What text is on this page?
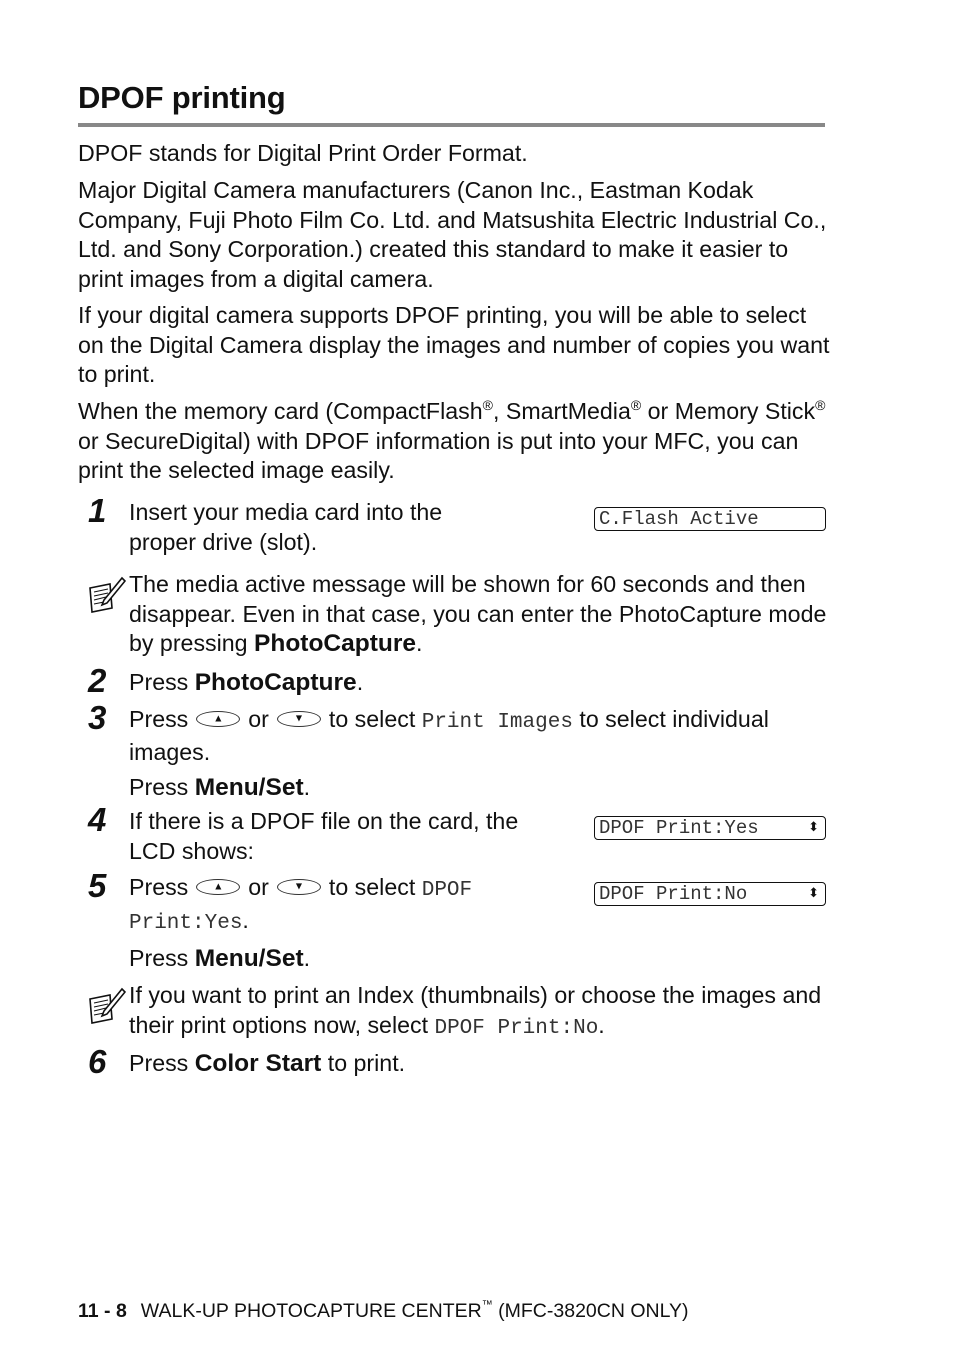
DPOF printing

DPOF stands for Digital Print Order Format.

Major Digital Camera manufacturers (Canon Inc., Eastman Kodak Company, Fuji Photo Film Co. Ltd. and Matsushita Electric Industrial Co., Ltd. and Sony Corporation.) created this standard to make it easier to print images from a digital camera.

If your digital camera supports DPOF printing, you will be able to select on the Digital Camera display the images and number of copies you want to print.

When the memory card (CompactFlash®, SmartMedia® or Memory Stick® or SecureDigital) with DPOF information is put into your MFC, you can print the selected image easily.

1 Insert your media card into the proper drive (slot).

C.Flash Active

The media active message will be shown for 60 seconds and then disappear. Even in that case, you can enter the PhotoCapture mode by pressing PhotoCapture.

2 Press PhotoCapture.

3 Press	▲ or	▼ to select Print Images to select individual images.

Press Menu/Set.

4 If there is a DPOF file on the card, the LCD shows:

DPOF Print:Yes	⬍
5 Press	▲ or	▼ to select DPOF Print:Yes.

Press Menu/Set.

DPOF Print:No	⬍

If you want to print an Index (thumbnails) or choose the images and their print options now, select DPOF Print:No.

6 Press Color Start to print.

11 - 8 WALK-UP PHOTOCAPTURE CENTER™ (MFC-3820CN ONLY)
